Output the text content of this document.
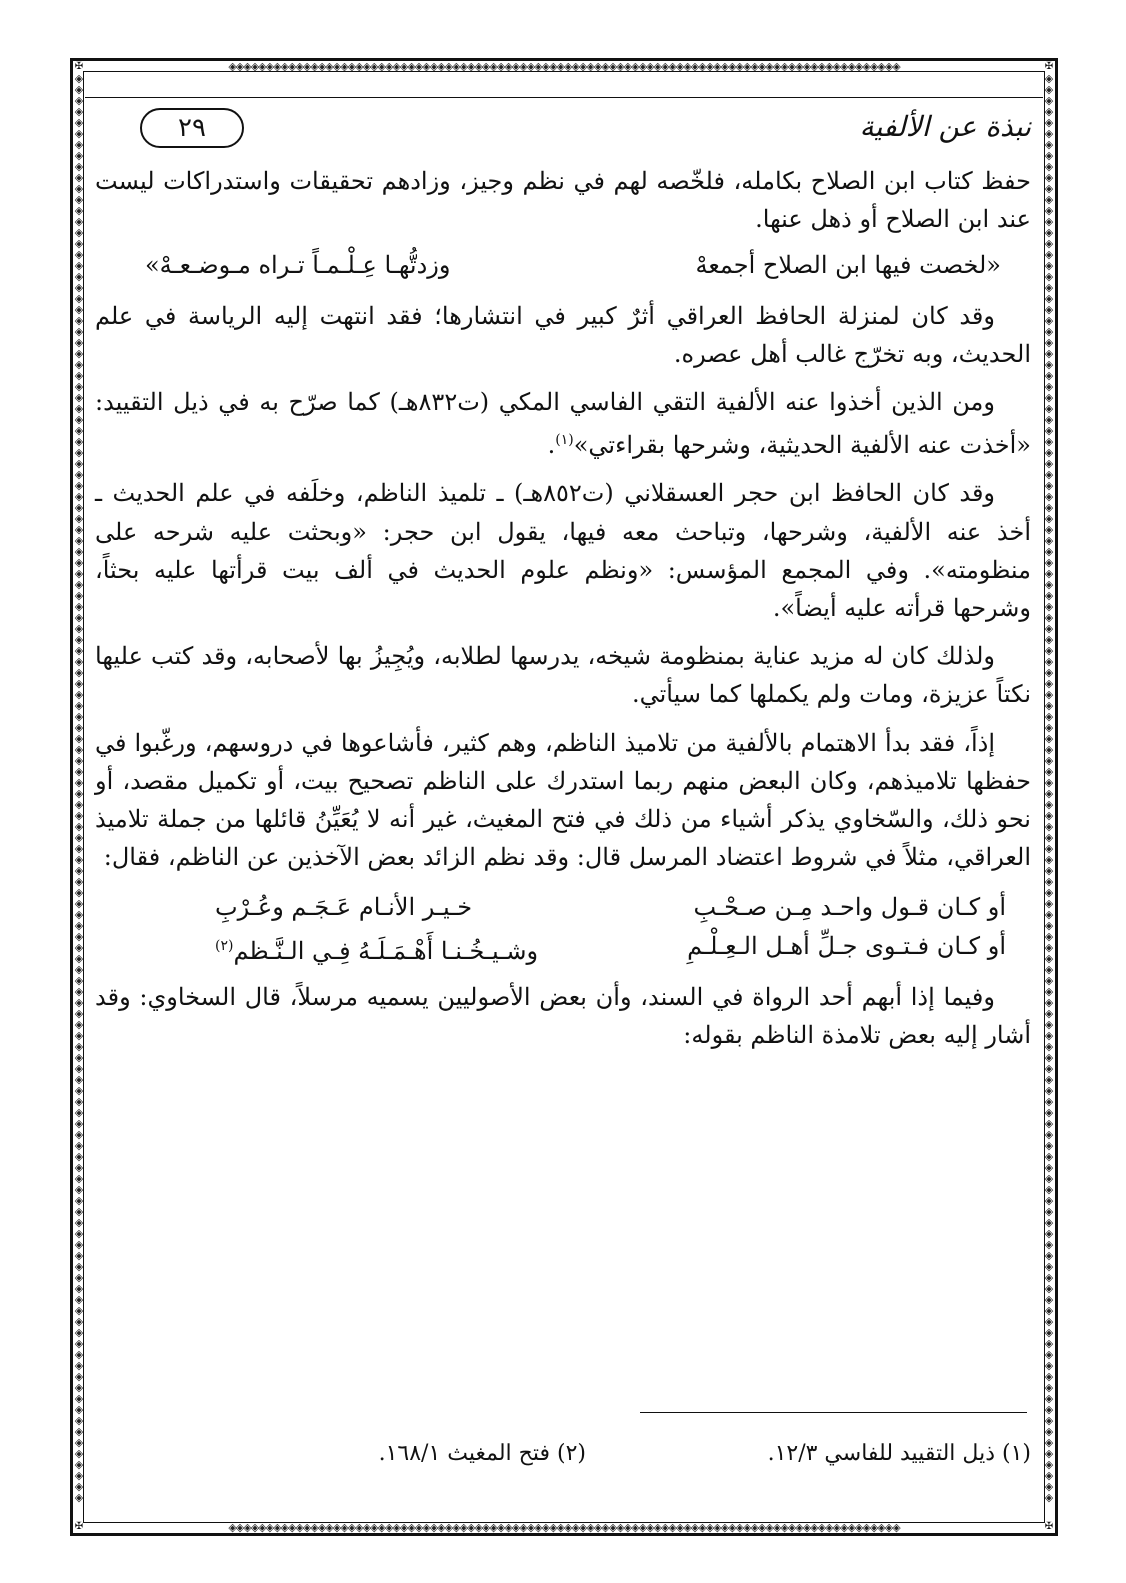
◈◈◈◈◈◈◈◈◈◈◈◈◈◈◈◈◈◈◈◈◈◈◈◈◈◈◈◈◈◈◈◈◈◈◈◈◈◈◈◈◈◈◈◈◈◈◈◈◈◈◈◈◈◈◈◈◈◈◈◈◈◈◈◈◈◈◈◈◈◈◈◈◈◈◈◈◈◈◈◈◈◈◈◈◈◈◈◈◈◈
◈◈◈◈◈◈◈◈◈◈◈◈◈◈◈◈◈◈◈◈◈◈◈◈◈◈◈◈◈◈◈◈◈◈◈◈◈◈◈◈◈◈◈◈◈◈◈◈◈◈◈◈◈◈◈◈◈◈◈◈◈◈◈◈◈◈◈◈◈◈◈◈◈◈◈◈◈◈◈◈◈◈◈◈◈◈◈◈◈◈
◈◈◈◈◈◈◈◈◈◈◈◈◈◈◈◈◈◈◈◈◈◈◈◈◈◈◈◈◈◈◈◈◈◈◈◈◈◈◈◈◈◈◈◈◈◈◈◈◈◈◈◈◈◈◈◈◈◈◈◈◈◈◈◈◈◈◈◈◈◈◈◈◈◈◈◈◈◈◈◈◈◈◈◈◈◈◈◈◈◈◈◈◈◈◈◈◈◈◈◈◈◈◈◈◈◈◈◈◈◈◈◈◈◈◈◈◈◈◈◈◈◈◈◈◈◈◈◈◈◈
◈◈◈◈◈◈◈◈◈◈◈◈◈◈◈◈◈◈◈◈◈◈◈◈◈◈◈◈◈◈◈◈◈◈◈◈◈◈◈◈◈◈◈◈◈◈◈◈◈◈◈◈◈◈◈◈◈◈◈◈◈◈◈◈◈◈◈◈◈◈◈◈◈◈◈◈◈◈◈◈◈◈◈◈◈◈◈◈◈◈◈◈◈◈◈◈◈◈◈◈◈◈◈◈◈◈◈◈◈◈◈◈◈◈◈◈◈◈◈◈◈◈◈◈◈◈◈◈◈◈
✠	✠
✠	✠
نبذة عن الألفية
٢٩

حفظ كتاب ابن الصلاح بكامله، فلخّصه لهم في نظم وجيز، وزادهم تحقيقات واستدراكات ليست عند ابن الصلاح أو ذهل عنها.

«لخصت فيها ابن الصلاح أجمعهْ
وزدتُّهـا عِـلْـمـاً تـراه مـوضـعـهْ»

وقد كان لمنزلة الحافظ العراقي أثرٌ كبير في انتشارها؛ فقد انتهت إليه الرياسة في علم الحديث، وبه تخرّج غالب أهل عصره.

ومن الذين أخذوا عنه الألفية التقي الفاسي المكي (ت٨٣٢هـ) كما صرّح به في ذيل التقييد: «أخذت عنه الألفية الحديثية، وشرحها بقراءتي»$^{(١)}$.

وقد كان الحافظ ابن حجر العسقلاني (ت٨٥٢هـ) ـ تلميذ الناظم، وخلَفه في علم الحديث ـ أخذ عنه الألفية، وشرحها، وتباحث معه فيها، يقول ابن حجر: «وبحثت عليه شرحه على منظومته». وفي المجمع المؤسس: «ونظم علوم الحديث في ألف بيت قرأتها عليه بحثاً، وشرحها قرأته عليه أيضاً».

ولذلك كان له مزيد عناية بمنظومة شيخه، يدرسها لطلابه، ويُجِيزُ بها لأصحابه، وقد كتب عليها نكتاً عزيزة، ومات ولم يكملها كما سيأتي.

إذاً، فقد بدأ الاهتمام بالألفية من تلاميذ الناظم، وهم كثير، فأشاعوها في دروسهم، ورغّبوا في حفظها تلاميذهم، وكان البعض منهم ربما استدرك على الناظم تصحيح بيت، أو تكميل مقصد، أو نحو ذلك، والسّخاوي يذكر أشياء من ذلك في فتح المغيث، غير أنه لا يُعَيِّنُ قائلها من جملة تلاميذ العراقي، مثلاً في شروط اعتضاد المرسل قال: وقد نظم الزائد بعض الآخذين عن الناظم، فقال:

أو كـان قـول واحـد مِـن صـحْـبِ
خـيـر الأنـام عَـجَـم وعُـرْبِ
أو كـان فـتـوى جـلِّ أهـل الـعِـلْـمِ
وشـيـخُـنـا أَهْـمَـلَـهُ فِـي الـنَّـظم$^{(٢)}$

وفيما إذا أبهم أحد الرواة في السند، وأن بعض الأصوليين يسميه مرسلاً، قال السخاوي: وقد أشار إليه بعض تلامذة الناظم بقوله:

(١) ذيل التقييد للفاسي ١٢/٣.
(٢) فتح المغيث ١٦٨/١.
